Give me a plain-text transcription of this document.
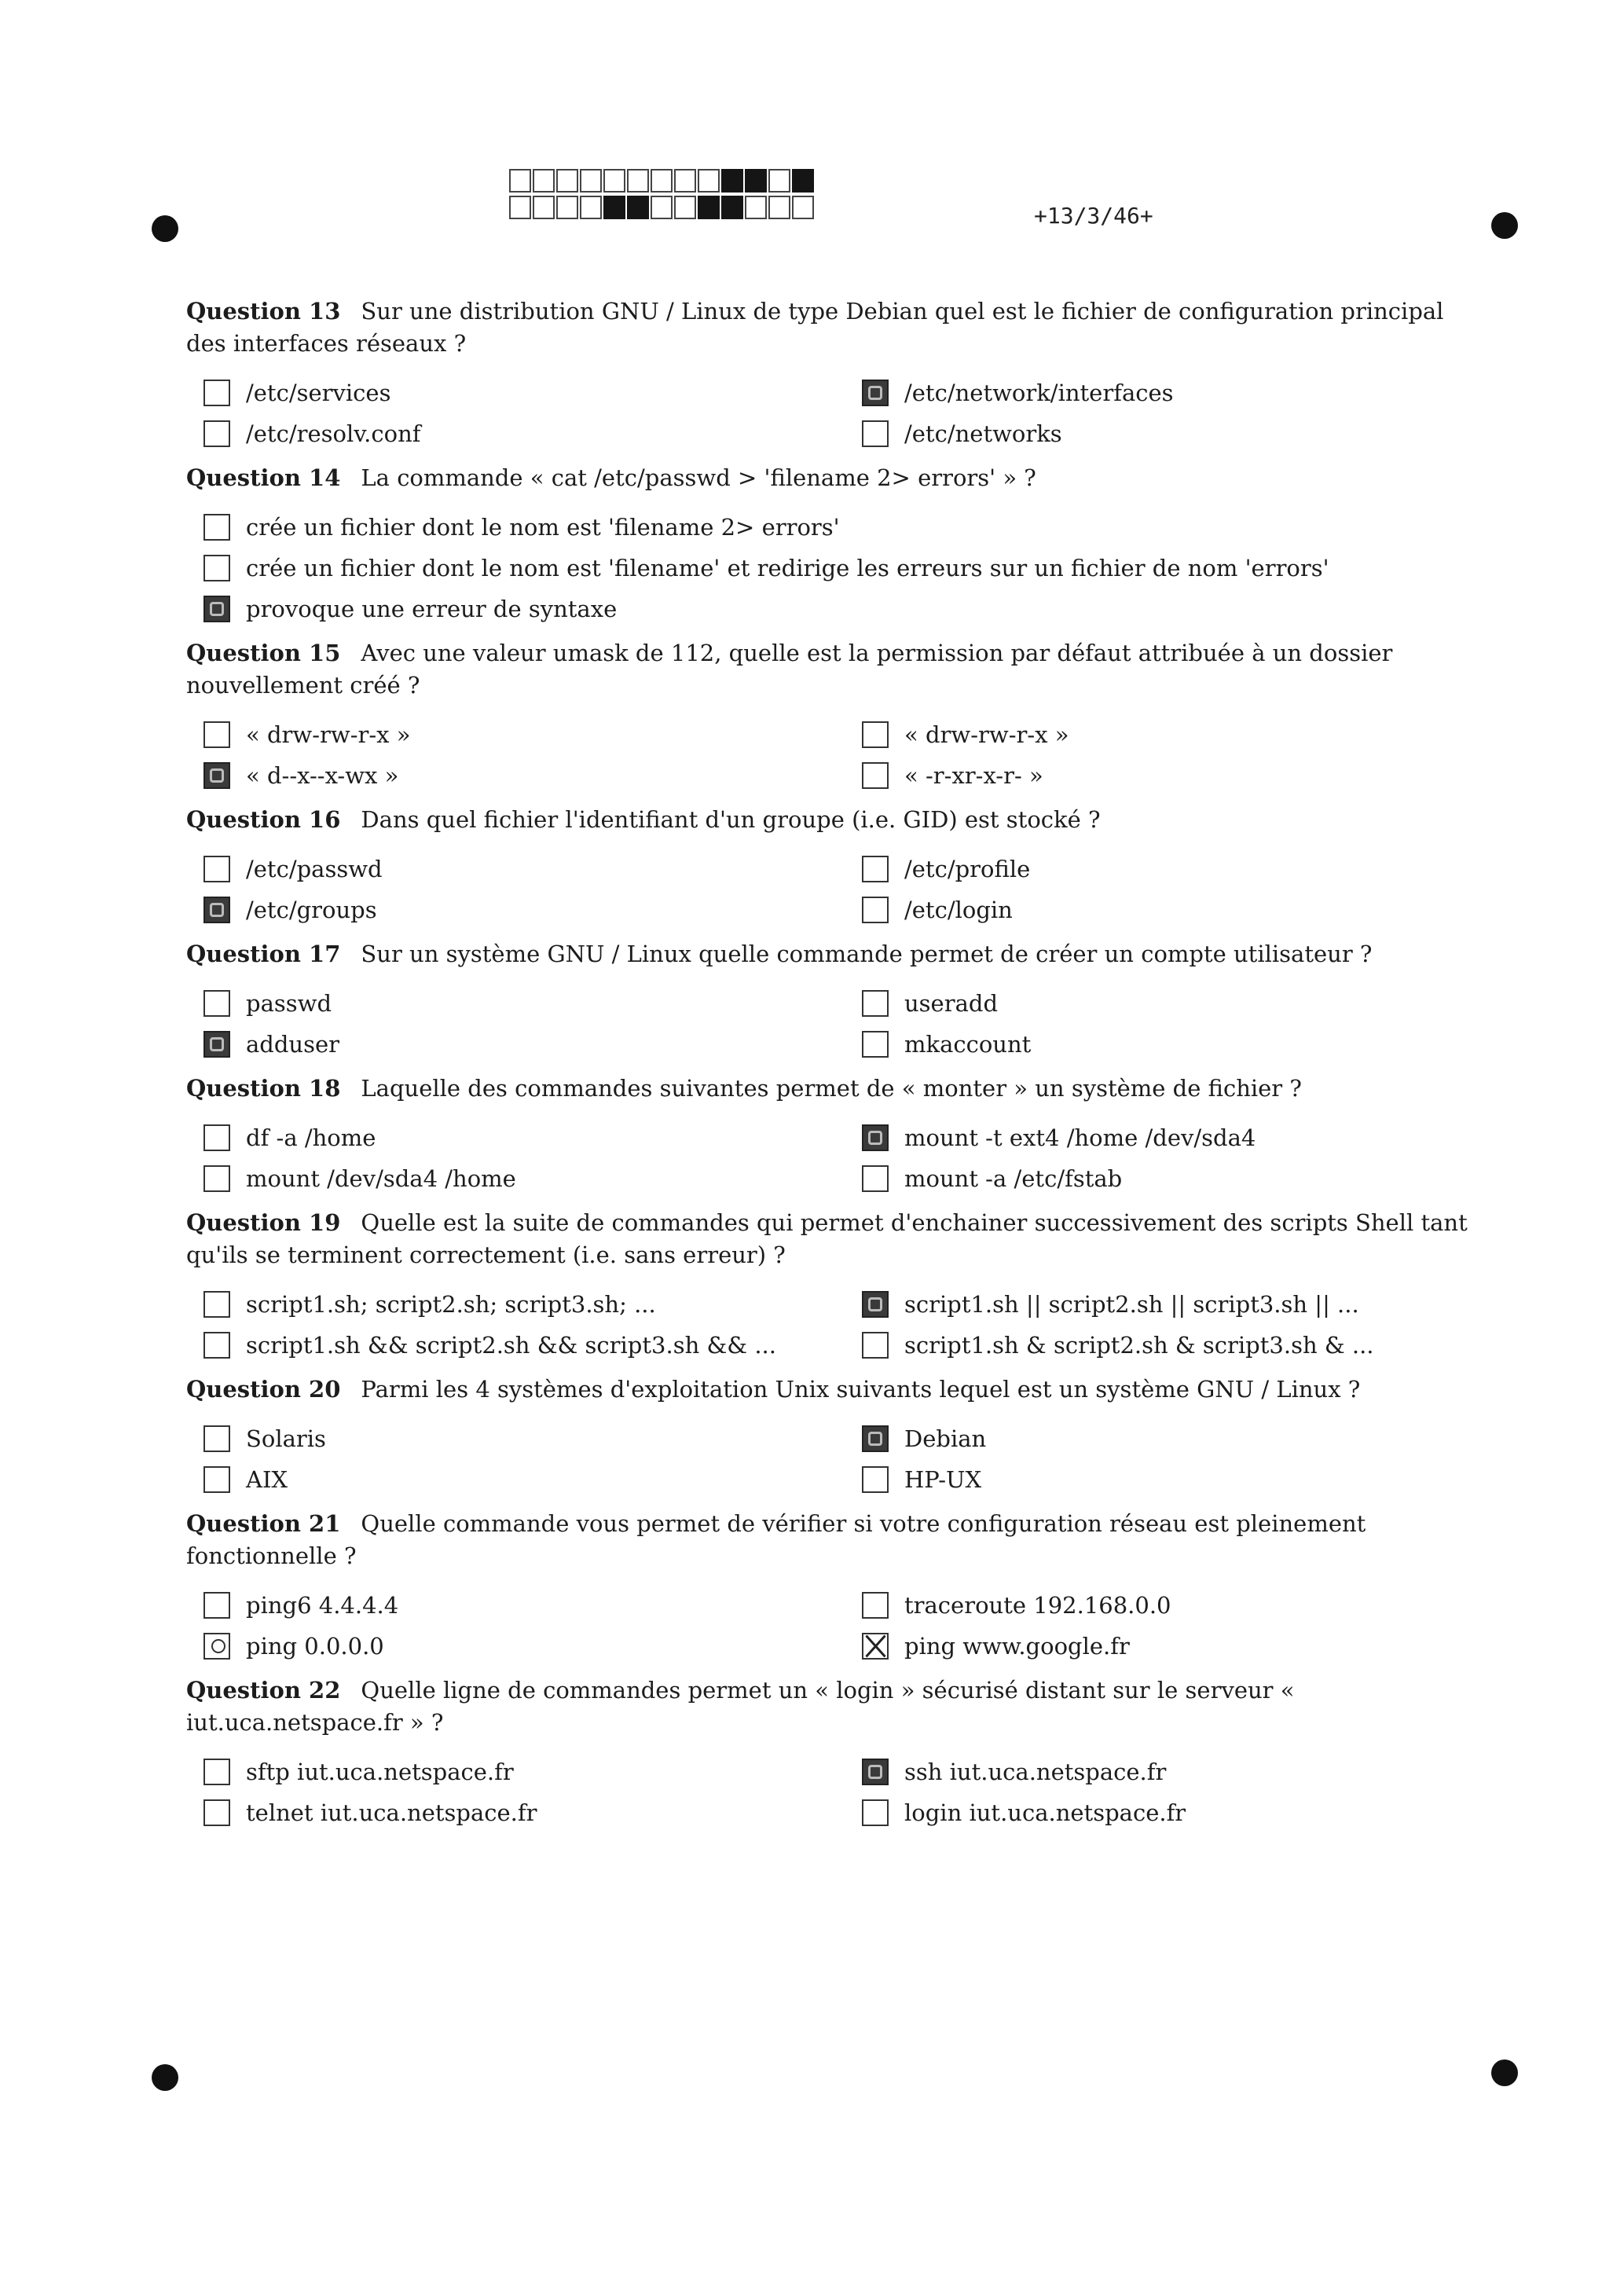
+13/3/46+
Question 13 Sur une distribution GNU / Linux de type Debian quel est le fichier de configuration principal des interfaces réseaux ?
/etc/services
/etc/resolv.conf
/etc/network/interfaces
/etc/networks
Question 14 La commande « cat /etc/passwd > 'filename 2> errors' » ?
crée un fichier dont le nom est 'filename 2> errors'
crée un fichier dont le nom est 'filename' et redirige les erreurs sur un fichier de nom 'errors'
provoque une erreur de syntaxe
Question 15 Avec une valeur umask de 112, quelle est la permission par défaut attribuée à un dossier nouvellement créé ?
« drw-rw-r-x »
« d--x--x-wx »
« drw-rw-r-x »
« -r-xr-x-r- »
Question 16 Dans quel fichier l'identifiant d'un groupe (i.e. GID) est stocké ?
/etc/passwd
/etc/groups
/etc/profile
/etc/login
Question 17 Sur un système GNU / Linux quelle commande permet de créer un compte utilisateur ?
passwd
adduser
useradd
mkaccount
Question 18 Laquelle des commandes suivantes permet de « monter » un système de fichier ?
df -a /home
mount /dev/sda4 /home
mount -t ext4 /home /dev/sda4
mount -a /etc/fstab
Question 19 Quelle est la suite de commandes qui permet d'enchainer successivement des scripts Shell tant qu'ils se terminent correctement (i.e. sans erreur) ?
script1.sh; script2.sh; script3.sh; ...
script1.sh && script2.sh && script3.sh && ...
script1.sh || script2.sh || script3.sh || ...
script1.sh & script2.sh & script3.sh & ...
Question 20 Parmi les 4 systèmes d'exploitation Unix suivants lequel est un système GNU / Linux ?
Solaris
AIX
Debian
HP-UX
Question 21 Quelle commande vous permet de vérifier si votre configuration réseau est pleinement fonctionnelle ?
ping6 4.4.4.4
ping 0.0.0.0
traceroute 192.168.0.0
ping www.google.fr
Question 22 Quelle ligne de commandes permet un « login » sécurisé distant sur le serveur « iut.uca.netspace.fr » ?
sftp iut.uca.netspace.fr
telnet iut.uca.netspace.fr
ssh iut.uca.netspace.fr
login iut.uca.netspace.fr
